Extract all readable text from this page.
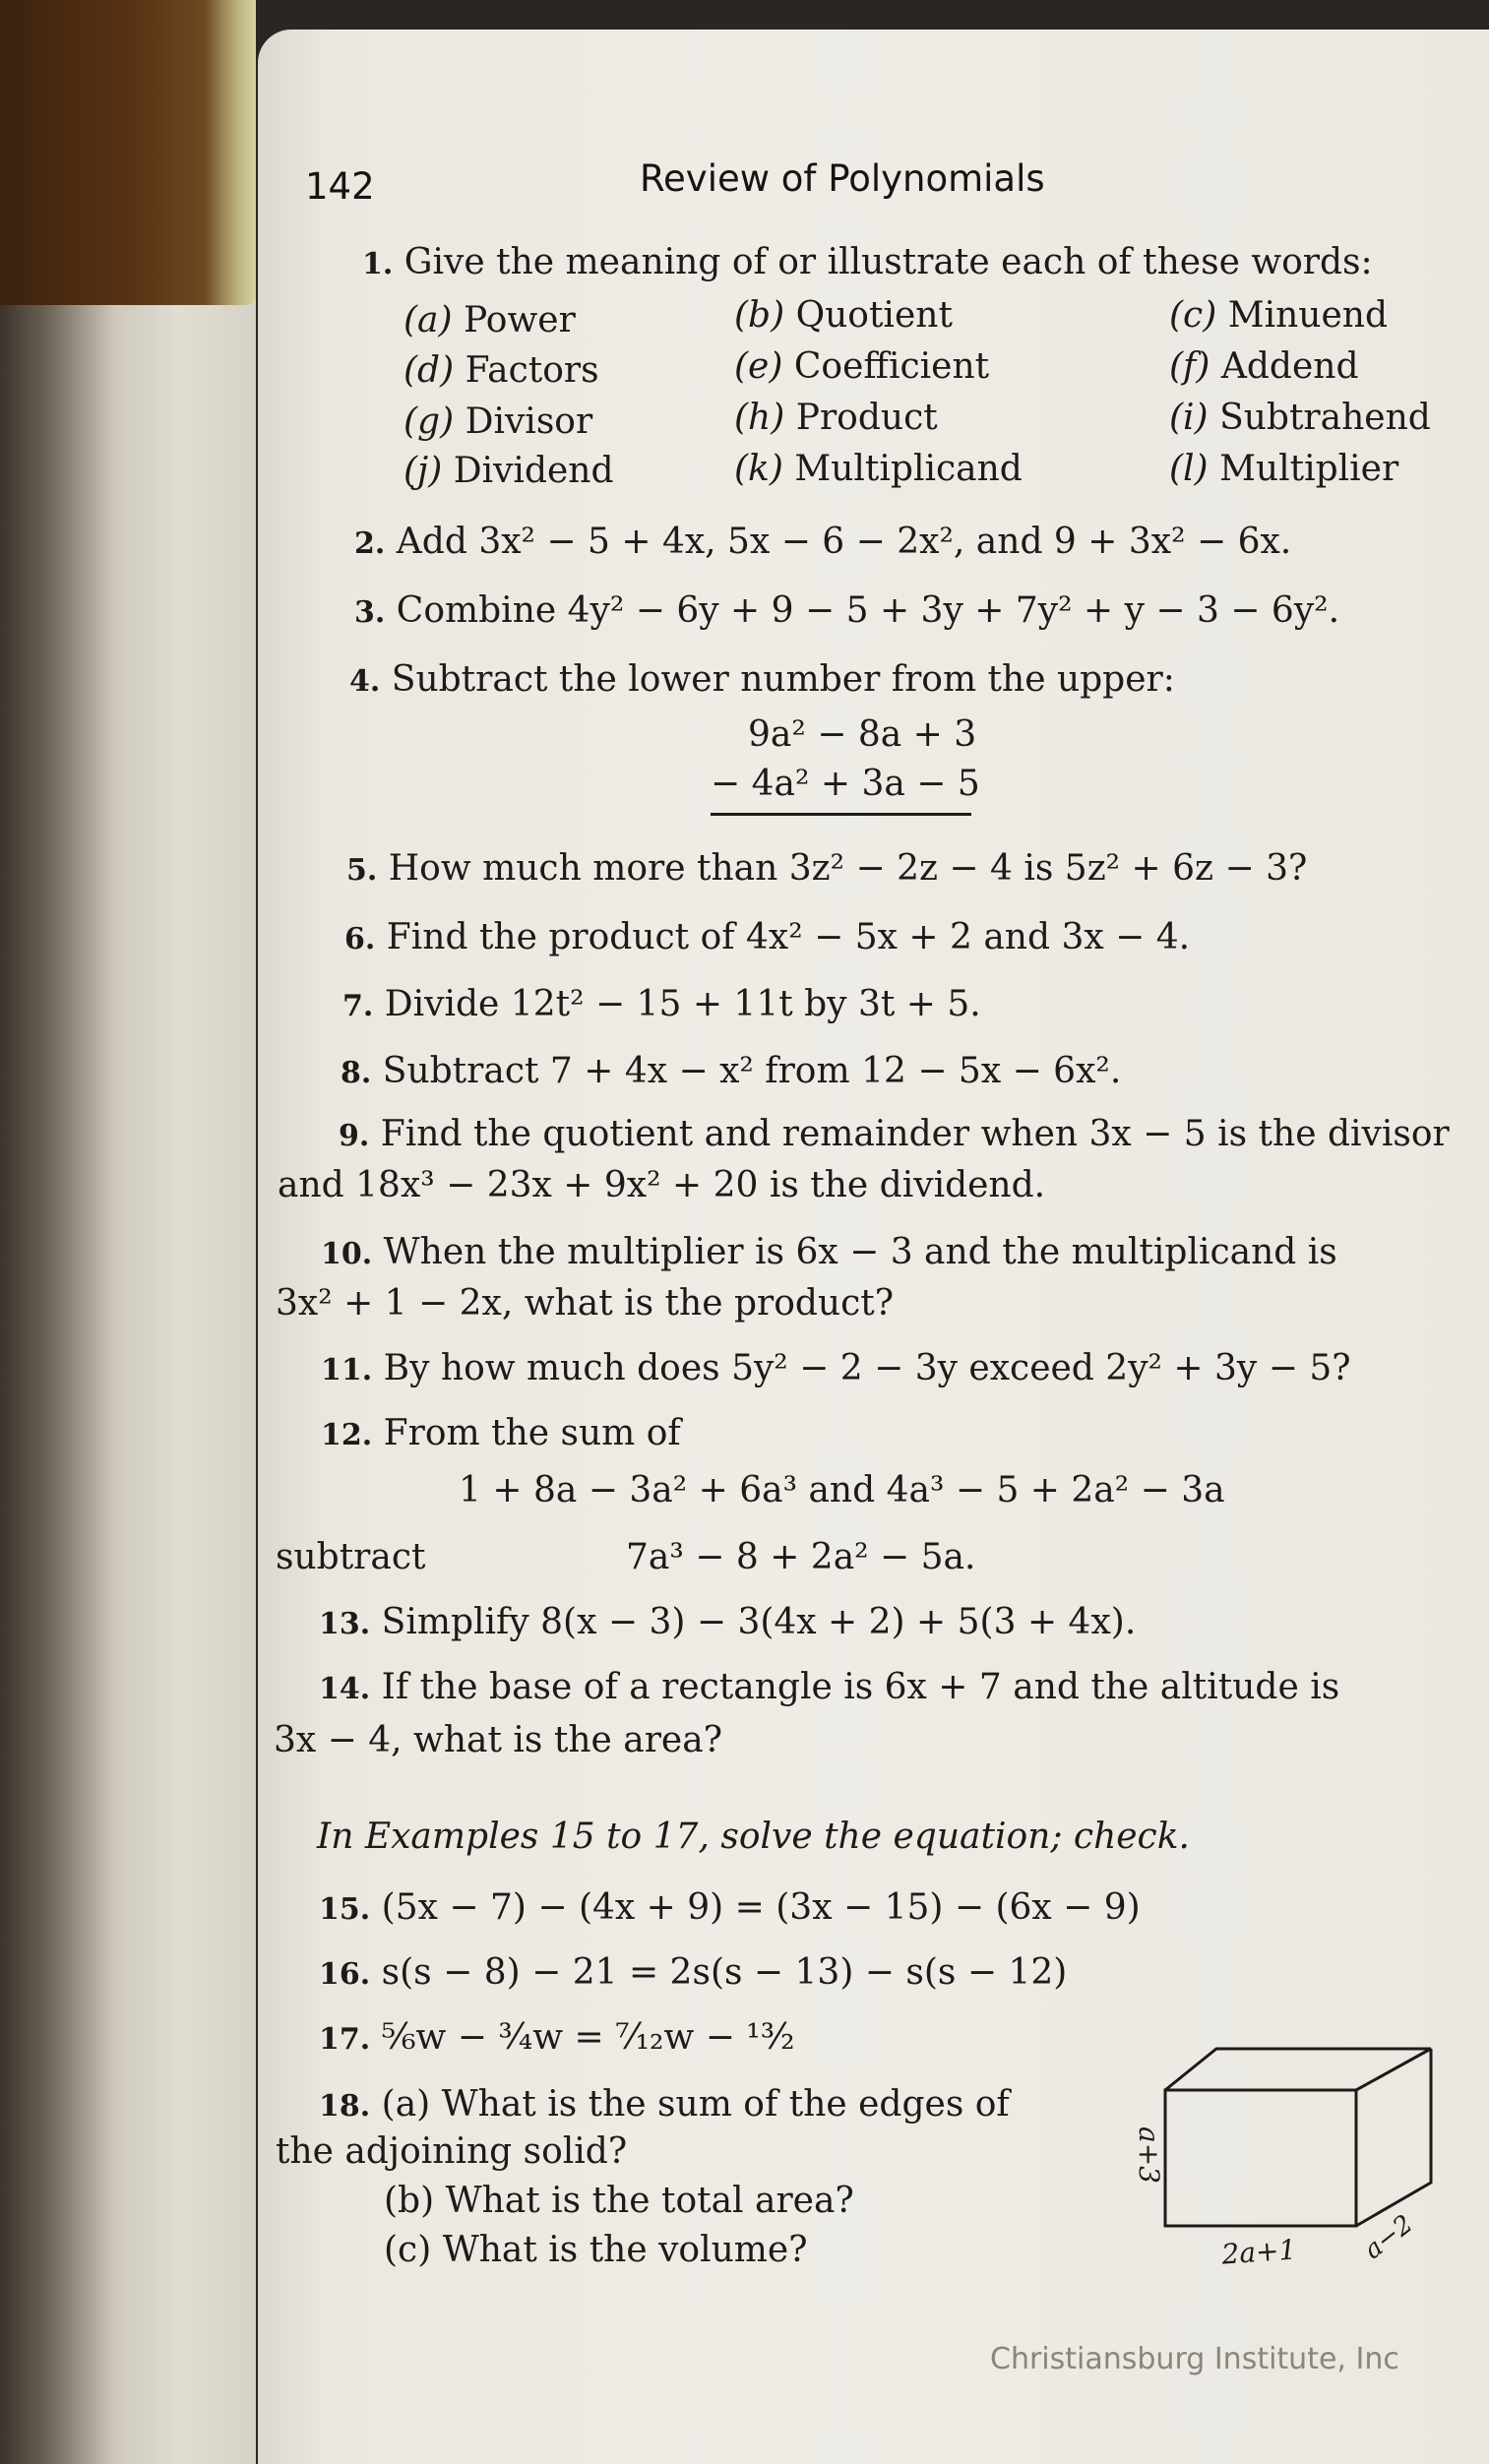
142	Review of Polynomials
1. Give the meaning of or illustrate each of these words:
(a) Power	(b) Quotient	(c) Minuend
(d) Factors	(e) Coefficient	(f) Addend
(g) Divisor	(h) Product	(i) Subtrahend
(j) Dividend	(k) Multiplicand	(l) Multiplier
2. Add 3x² − 5 + 4x, 5x − 6 − 2x², and 9 + 3x² − 6x.
3. Combine 4y² − 6y + 9 − 5 + 3y + 7y² + y − 3 − 6y².
4. Subtract the lower number from the upper:
9a² − 8a + 3
− 4a² + 3a − 5
5. How much more than 3z² − 2z − 4 is 5z² + 6z − 3?
6. Find the product of 4x² − 5x + 2 and 3x − 4.
7. Divide 12t² − 15 + 11t by 3t + 5.
8. Subtract 7 + 4x − x² from 12 − 5x − 6x².
9. Find the quotient and remainder when 3x − 5 is the divisor
and 18x³ − 23x + 9x² + 20 is the dividend.
10. When the multiplier is 6x − 3 and the multiplicand is
3x² + 1 − 2x, what is the product?
11. By how much does 5y² − 2 − 3y exceed 2y² + 3y − 5?
12. From the sum of
1 + 8a − 3a² + 6a³ and 4a³ − 5 + 2a² − 3a
subtract	7a³ − 8 + 2a² − 5a.
13. Simplify 8(x − 3) − 3(4x + 2) + 5(3 + 4x).
14. If the base of a rectangle is 6x + 7 and the altitude is
3x − 4, what is the area?
In Examples 15 to 17, solve the equation; check.
15. (5x − 7) − (4x + 9) = (3x − 15) − (6x − 9)
16. s(s − 8) − 21 = 2s(s − 13) − s(s − 12)
17. ⁵⁄₆w − ³⁄₄w = ⁷⁄₁₂w − ¹³⁄₂
18. (a) What is the sum of the edges of
the adjoining solid?
(b) What is the total area?
(c) What is the volume?
a+3
2a+1 a−2
Christiansburg Institute, Inc
